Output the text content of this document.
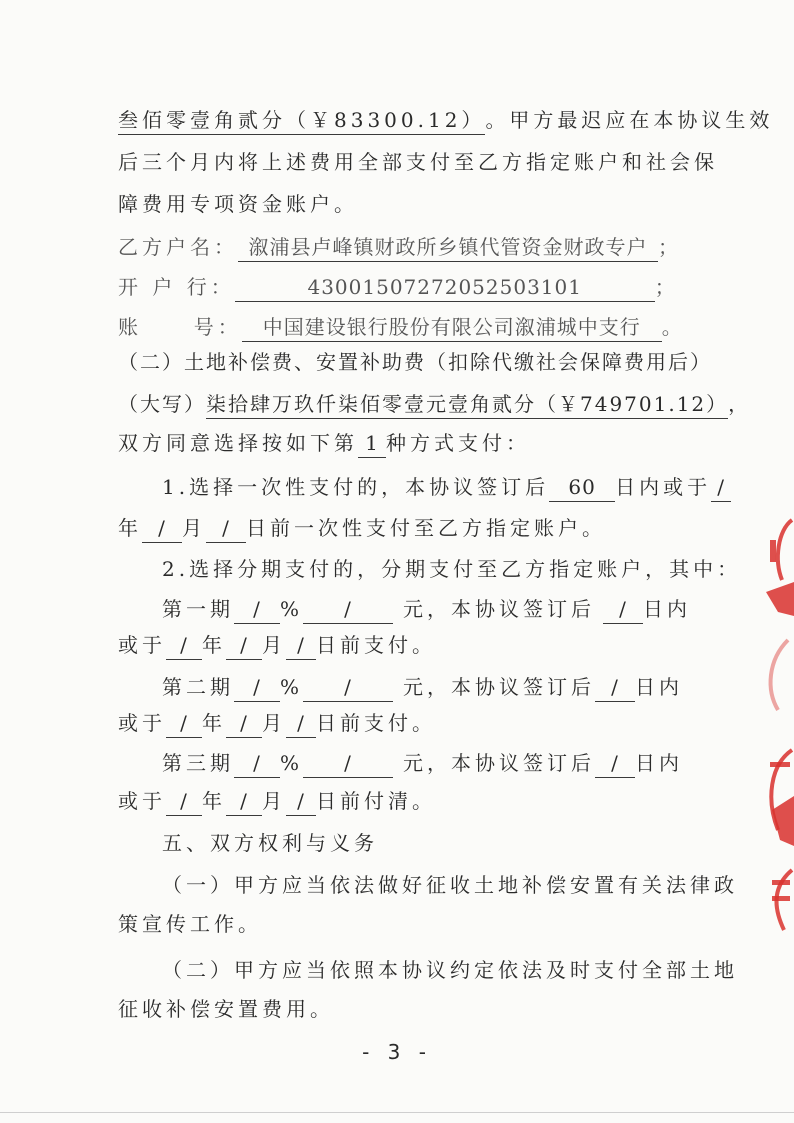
叁佰零壹角贰分（￥83300.12）。甲方最迟应在本协议生效
后三个月内将上述费用全部支付至乙方指定账户和社会保
障费用专项资金账户。
乙方户名： 溆浦县卢峰镇财政所乡镇代管资金财政专户 ；
开 户 行：	43001507272052503101	；
账     号： 中国建设银行股份有限公司溆浦城中支行 。
（二）土地补偿费、安置补助费（扣除代缴社会保障费用后）
（大写）柒拾肆万玖仟柒佰零壹元壹角贰分（￥749701.12），
双方同意选择按如下第 1 种方式支付：
1.选择一次性支付的，本协议签订后 60 日内或于 /
年 / 月 / 日前一次性支付至乙方指定账户。
2.选择分期支付的，分期支付至乙方指定账户，其中：
第一期 / % /	元，本协议签订后 / 日内
或于 / 年 / 月 / 日前支付。
第二期 / % /	元，本协议签订后 / 日内
或于 / 年 / 月 / 日前支付。
第三期 / % /	元，本协议签订后 / 日内
或于 / 年 / 月 / 日前付清。
五、双方权利与义务
（一）甲方应当依法做好征收土地补偿安置有关法律政
策宣传工作。
（二）甲方应当依照本协议约定依法及时支付全部土地
征收补偿安置费用。
- 3 -
